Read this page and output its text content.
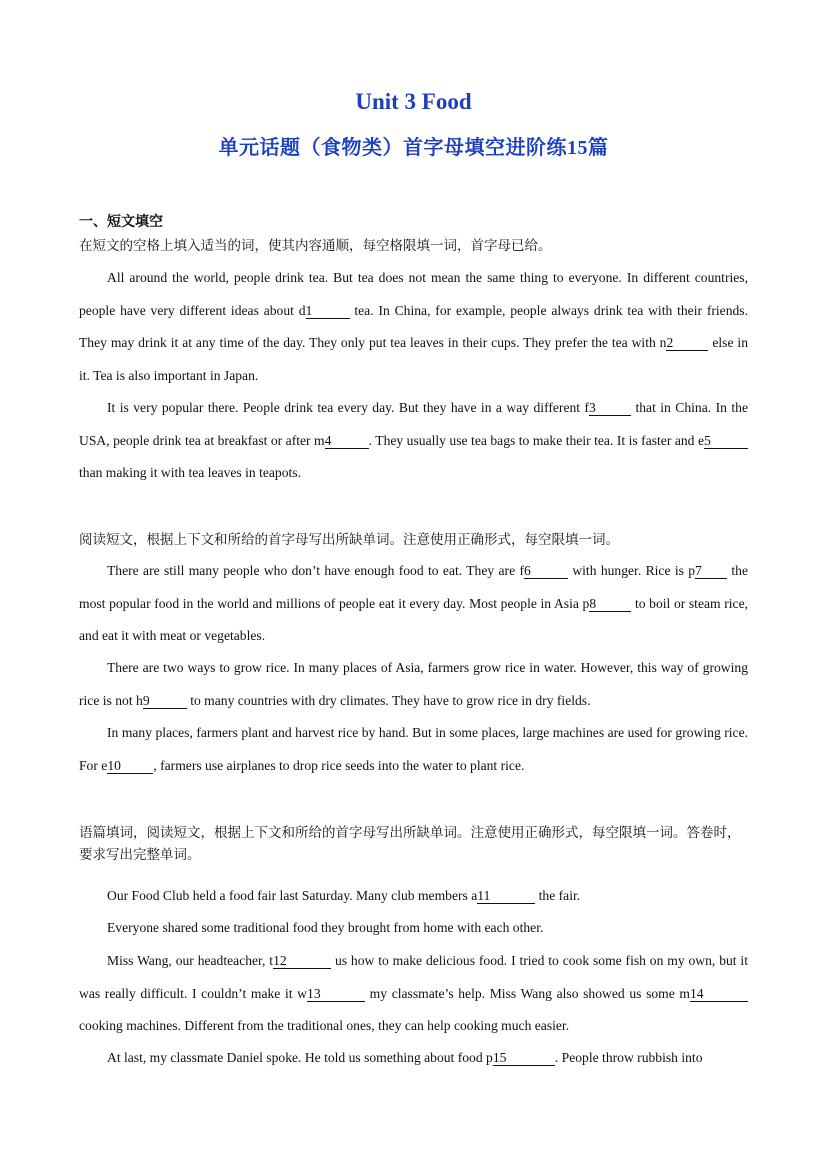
Unit 3 Food
单元话题（食物类）首字母填空进阶练15篇
一、短文填空
在短文的空格上填入适当的词，使其内容通顺，每空格限填一词，首字母已给。
All around the world, people drink tea. But tea does not mean the same thing to everyone. In different countries, people have very different ideas about d1	tea. In China, for example, people always drink tea with their friends. They may drink it at any time of the day. They only put tea leaves in their cups. They prefer the tea with n2	else in it. Tea is also important in Japan.
It is very popular there. People drink tea every day. But they have in a way different f3	that in China. In the USA, people drink tea at breakfast or after m4	. They usually use tea bags to make their tea. It is faster and e5 than making it with tea leaves in teapots.
阅读短文，根据上下文和所给的首字母写出所缺单词。注意使用正确形式，每空限填一词。
There are still many people who don’t have enough food to eat. They are f6	with hunger. Rice is p7 the most popular food in the world and millions of people eat it every day. Most people in Asia p8	to boil or steam rice, and eat it with meat or vegetables.
There are two ways to grow rice. In many places of Asia, farmers grow rice in water. However, this way of growing rice is not h9	to many countries with dry climates. They have to grow rice in dry fields.
In many places, farmers plant and harvest rice by hand. But in some places, large machines are used for growing rice. For e10 , farmers use airplanes to drop rice seeds into the water to plant rice.
语篇填词，阅读短文，根据上下文和所给的首字母写出所缺单词。注意使用正确形式，每空限填一词。答卷时，要求写出完整单词。
Our Food Club held a food fair last Saturday. Many club members a11	the fair.
Everyone shared some traditional food they brought from home with each other.
Miss Wang, our headteacher, t12	us how to make delicious food. I tried to cook some fish on my own, but it was really difficult. I couldn’t make it w13	my classmate’s help. Miss Wang also showed us some m14 cooking machines. Different from the traditional ones, they can help cooking much easier.
At last, my classmate Daniel spoke. He told us something about food p15	. People throw rubbish into
